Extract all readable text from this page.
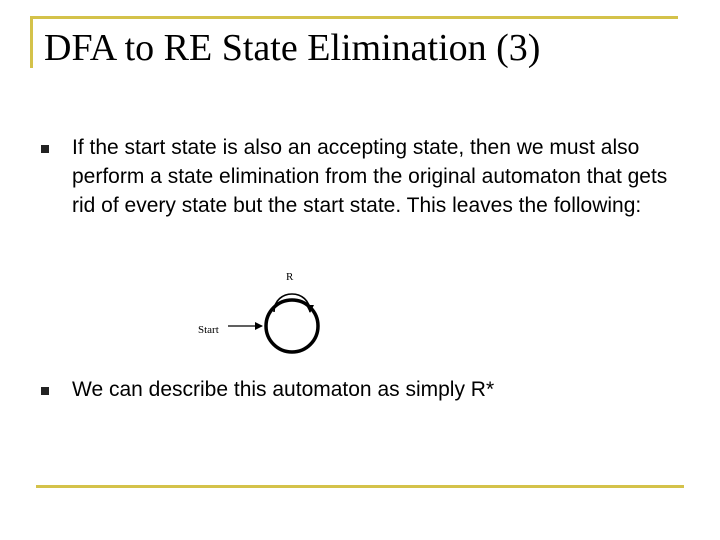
DFA to RE State Elimination (3)

If the start state is also an accepting state, then we must also perform a state elimination from the original automaton that gets rid of every state but the start state. This leaves the following:

R
Start

We can describe this automaton as simply R*
